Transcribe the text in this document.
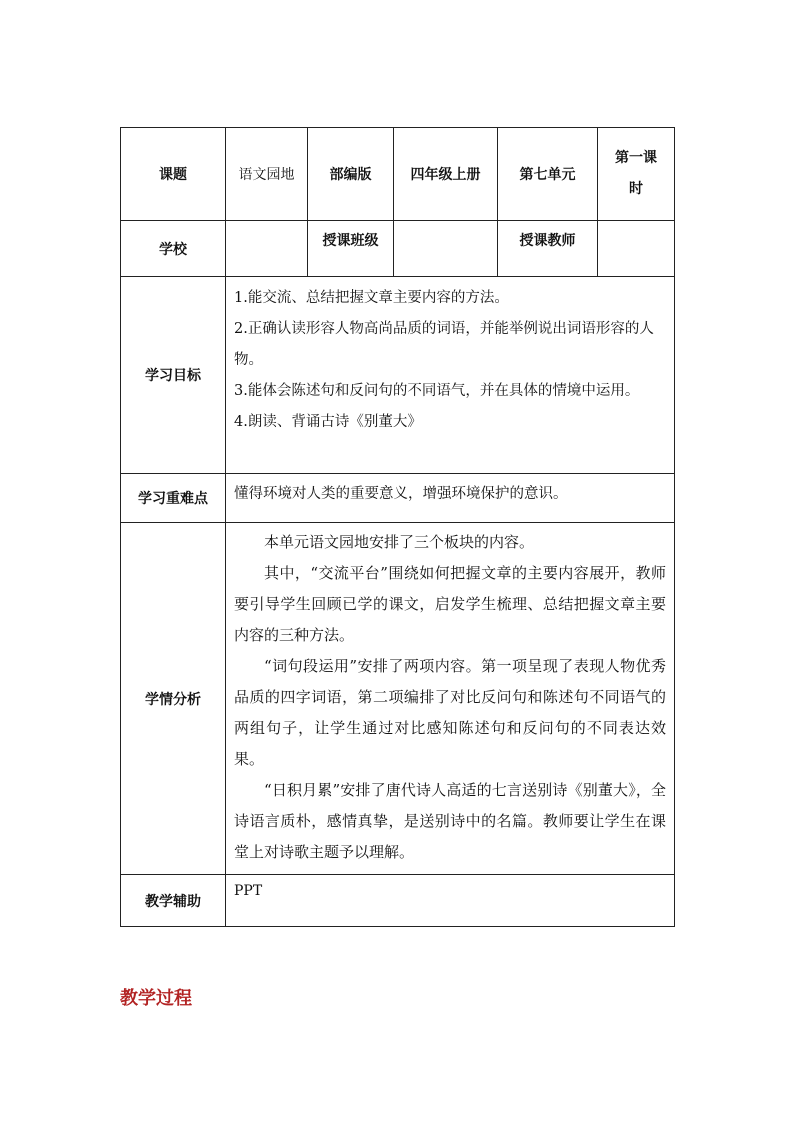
课题	语文园地	部编版	四年级上册	第七单元	第一课时

学校		授课班级		授课教师	
学习目标	1.能交流、总结把握文章主要内容的方法。

2.正确认读形容人物高尚品质的词语，并能举例说出词语形容的人物。

3.能体会陈述句和反问句的不同语气，并在具体的情境中运用。

4.朗读、背诵古诗《别董大》				

学习重难点	懂得环境对人类的重要意义，增强环境保护的意识。				

学情分析	本单元语文园地安排了三个板块的内容。

其中，“交流平台”围绕如何把握文章的主要内容展开，教师要引导学生回顾已学的课文，启发学生梳理、总结把握文章主要内容的三种方法。

“词句段运用”安排了两项内容。第一项呈现了表现人物优秀品质的四字词语，第二项编排了对比反问句和陈述句不同语气的两组句子，让学生通过对比感知陈述句和反问句的不同表达效果。

“日积月累”安排了唐代诗人高适的七言送别诗《别董大》，全诗语言质朴，感情真挚，是送别诗中的名篇。教师要让学生在课堂上对诗歌主题予以理解。				

教学辅助	PPT				
教学过程
